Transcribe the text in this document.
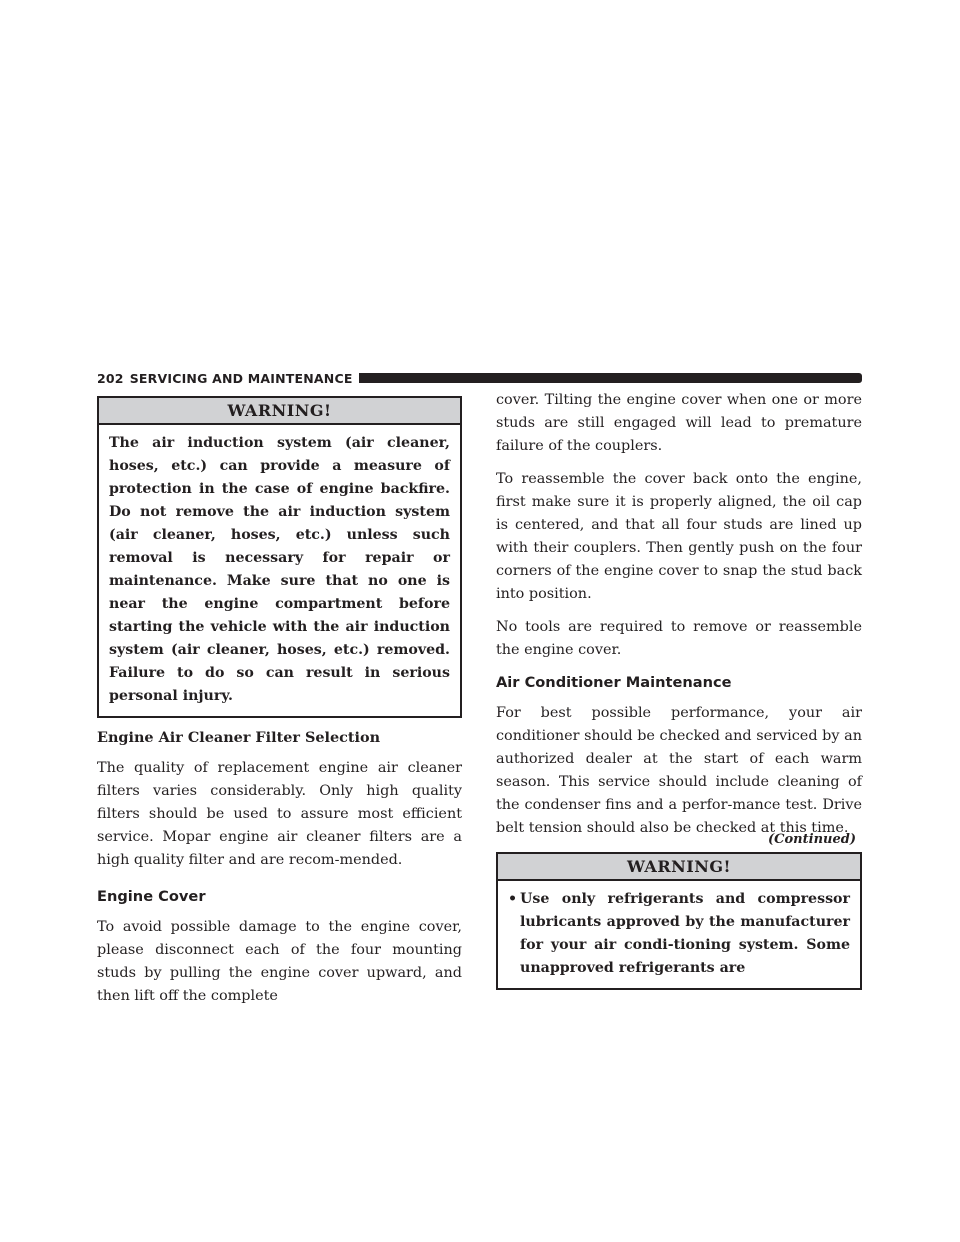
202 SERVICING AND MAINTENANCE
WARNING!
The air induction system (air cleaner, hoses, etc.) can provide a measure of protection in the case of engine backfire. Do not remove the air induction system (air cleaner, hoses, etc.) unless such removal is necessary for repair or maintenance. Make sure that no one is near the engine compartment before starting the vehicle with the air induction system (air cleaner, hoses, etc.) removed. Failure to do so can result in serious personal injury.
Engine Air Cleaner Filter Selection

The quality of replacement engine air cleaner filters varies considerably. Only high quality filters should be used to assure most efficient service. Mopar engine air cleaner filters are a high quality filter and are recom-mended.

Engine Cover

To avoid possible damage to the engine cover, please disconnect each of the four mounting studs by pulling the engine cover upward, and then lift off the complete

cover. Tilting the engine cover when one or more studs are still engaged will lead to premature failure of the couplers.

To reassemble the cover back onto the engine, first make sure it is properly aligned, the oil cap is centered, and that all four studs are lined up with their couplers. Then gently push on the four corners of the engine cover to snap the stud back into position.

No tools are required to remove or reassemble the engine cover.

Air Conditioner Maintenance

For best possible performance, your air conditioner should be checked and serviced by an authorized dealer at the start of each warm season. This service should include cleaning of the condenser fins and a perfor-mance test. Drive belt tension should also be checked at this time.

WARNING!
• Use only refrigerants and compressor lubricants approved by the manufacturer for your air condi-tioning system. Some unapproved refrigerants are
(Continued)
